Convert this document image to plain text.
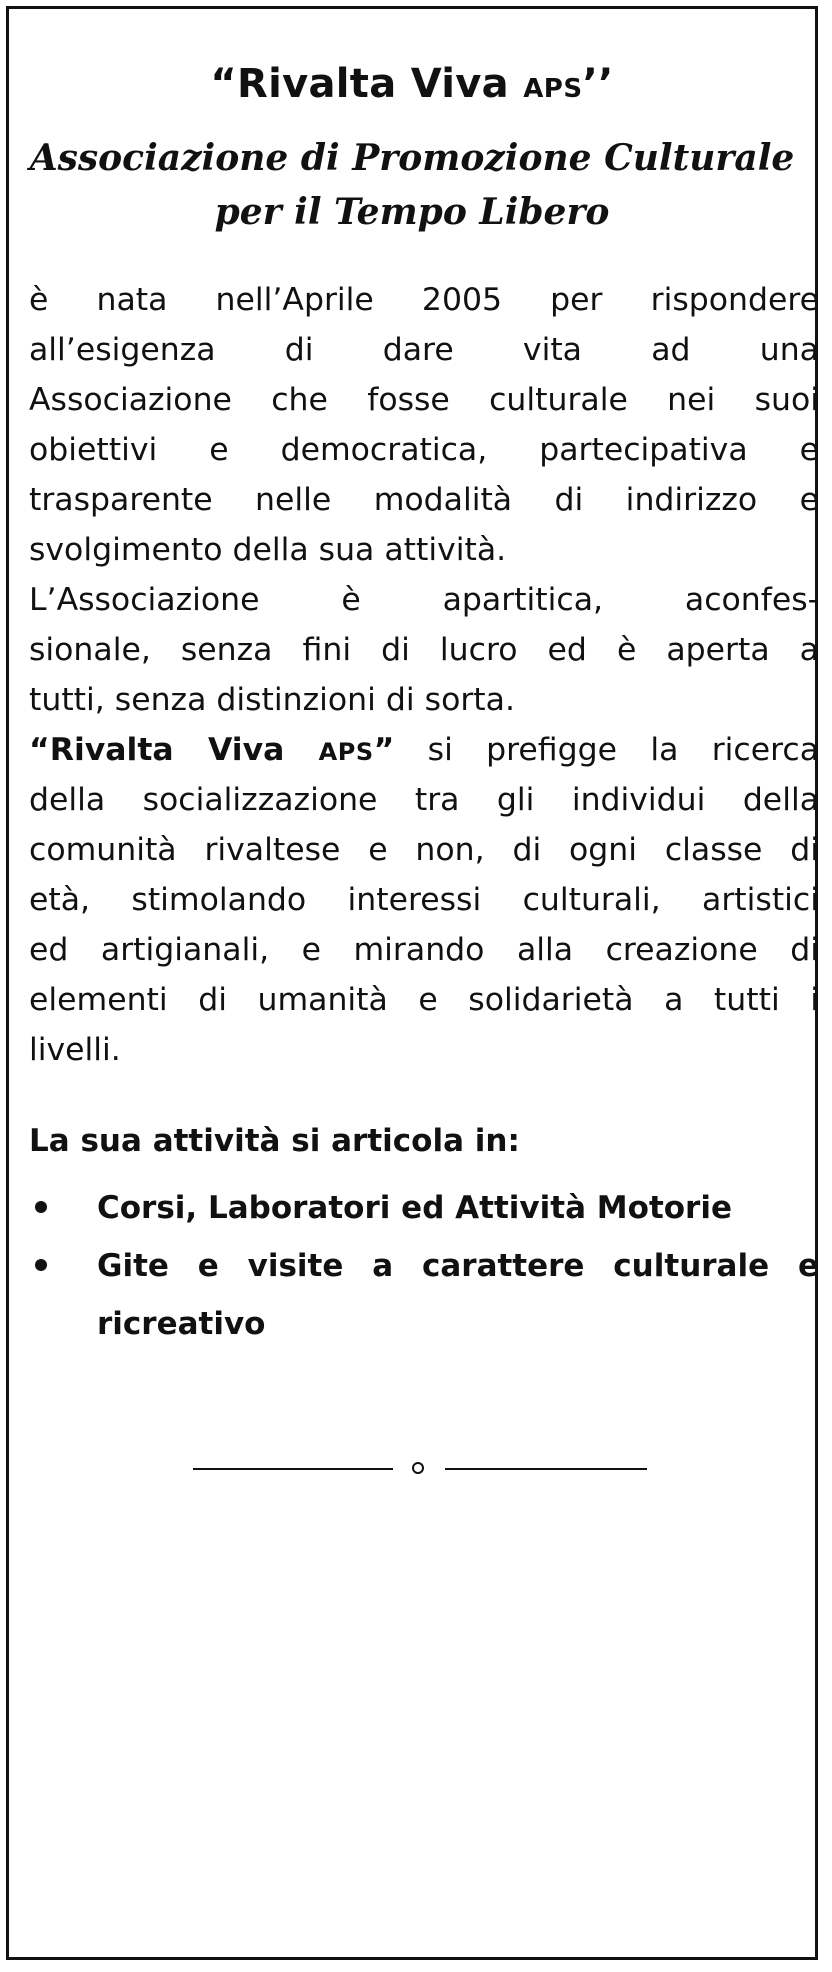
“Rivalta Viva APS’’

Associazione di Promozione Culturale

per il Tempo Libero

è nata nell’Aprile 2005 per rispondere
all’esigenza di dare vita ad una
Associazione che fosse culturale nei suoi
obiettivi e democratica, partecipativa e
trasparente nelle modalità di indirizzo e
svolgimento della sua attività.
L’Associazione è apartitica, aconfes-
sionale, senza fini di lucro ed è aperta a
tutti, senza distinzioni di sorta.
“Rivalta Viva APS” si prefigge la ricerca
della socializzazione tra gli individui della
comunità rivaltese e non, di ogni classe di
età, stimolando interessi culturali, artistici
ed artigianali, e mirando alla creazione di
elementi di umanità e solidarietà a tutti i
livelli.

La sua attività si articola in:

Corsi, Laboratori ed Attività Motorie
Gite e visite a carattere culturale e
ricreativo
